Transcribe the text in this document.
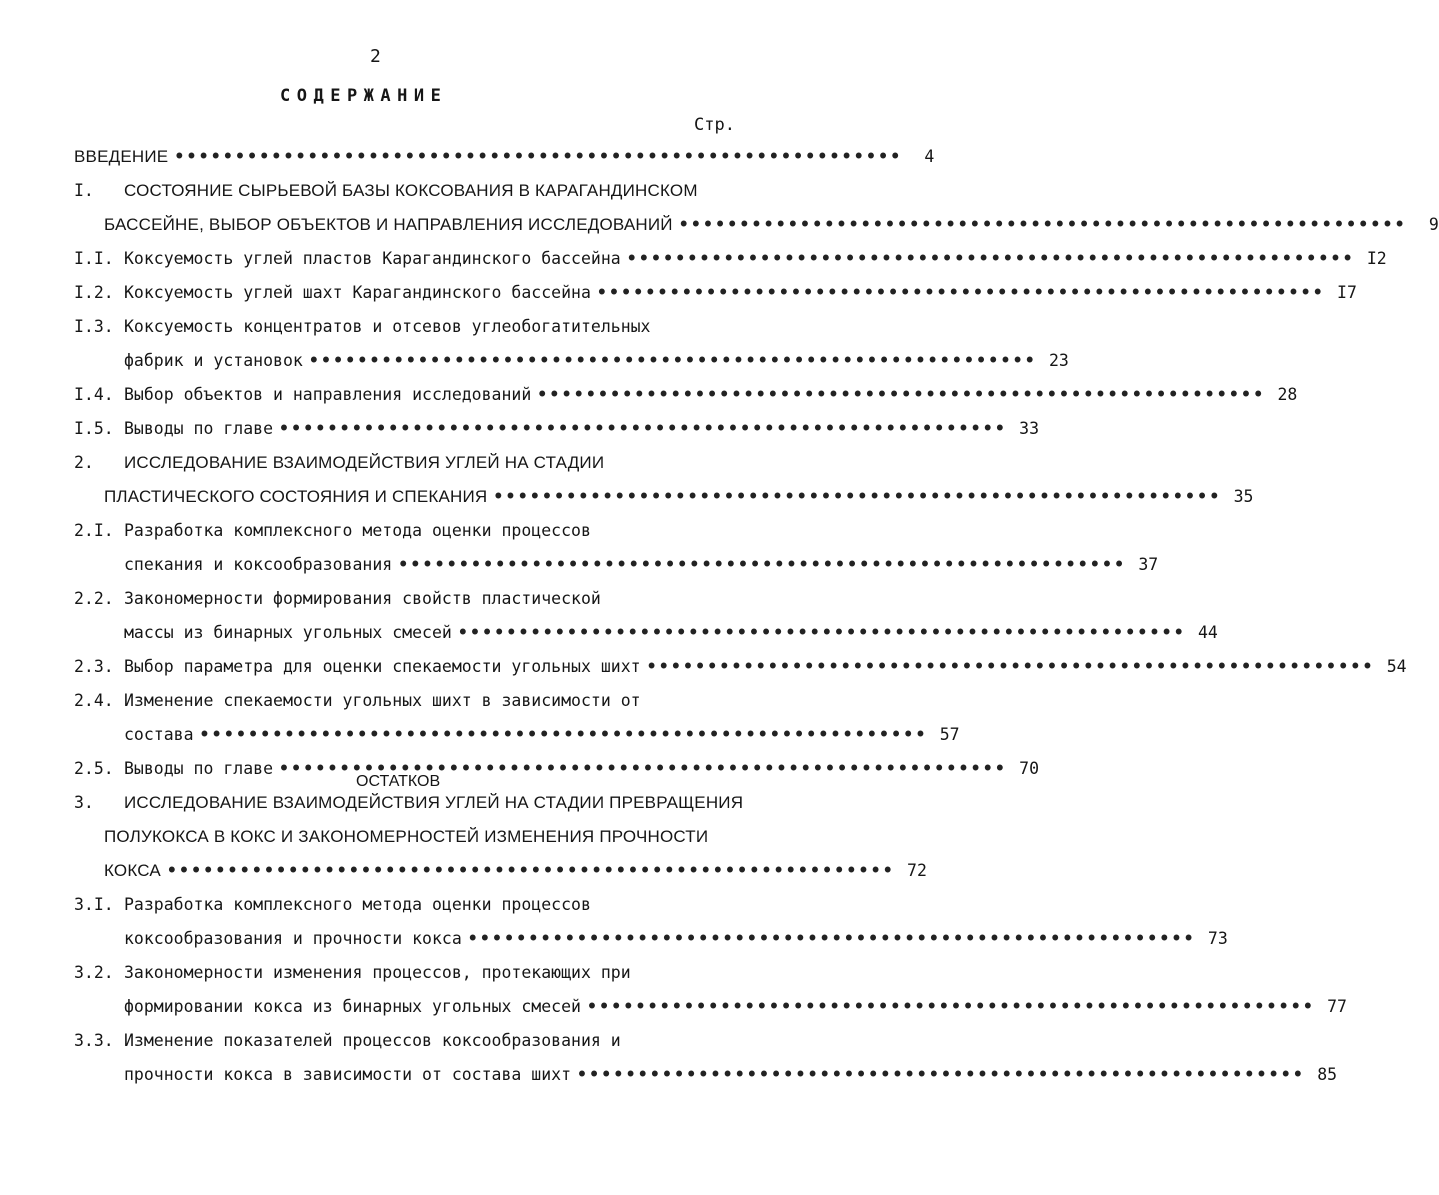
2
СОДЕРЖАНИЕ
Стр.
ОСТАТКОВ
ВВЕДЕНИЕ ••••••••••••••••••••••••••••••••••••••••••••••••••••••••••••	4
I.	СОСТОЯНИЕ СЫРЬЕВОЙ БАЗЫ КОКСОВАНИЯ В КАРАГАНДИНСКОМ
БАССЕЙНЕ, ВЫБОР ОБЪЕКТОВ И НАПРАВЛЕНИЯ ИССЛЕДОВАНИЙ ••••••••••••••••••••••••••••••••••••••••••••••••••••••••••••	9
I.I. Коксуемость углей пластов Карагандинского бассейна •••••••••••••••••••••••••••••••••••••••••••••••••••••••••••• I2
I.2. Коксуемость углей шахт Карагандинского бассейна •••••••••••••••••••••••••••••••••••••••••••••••••••••••••••• I7
I.3. Коксуемость концентратов и отсевов углеобогатительных
фабрик и установок •••••••••••••••••••••••••••••••••••••••••••••••••••••••••••• 23
I.4. Выбор объектов и направления исследований •••••••••••••••••••••••••••••••••••••••••••••••••••••••••••• 28
I.5. Выводы по главе •••••••••••••••••••••••••••••••••••••••••••••••••••••••••••• 33
2.	ИССЛЕДОВАНИЕ ВЗАИМОДЕЙСТВИЯ УГЛЕЙ НА СТАДИИ
ПЛАСТИЧЕСКОГО СОСТОЯНИЯ И СПЕКАНИЯ •••••••••••••••••••••••••••••••••••••••••••••••••••••••••••• 35
2.I. Разработка комплексного метода оценки процессов
спекания и коксообразования •••••••••••••••••••••••••••••••••••••••••••••••••••••••••••• 37
2.2. Закономерности формирования свойств пластической
массы из бинарных угольных смесей •••••••••••••••••••••••••••••••••••••••••••••••••••••••••••• 44
2.3. Выбор параметра для оценки спекаемости угольных шихт •••••••••••••••••••••••••••••••••••••••••••••••••••••••••••• 54
2.4. Изменение спекаемости угольных шихт в зависимости от
состава •••••••••••••••••••••••••••••••••••••••••••••••••••••••••••• 57
2.5. Выводы по главе •••••••••••••••••••••••••••••••••••••••••••••••••••••••••••• 70
3.	ИССЛЕДОВАНИЕ ВЗАИМОДЕЙСТВИЯ УГЛЕЙ НА СТАДИИ ПРЕВРАЩЕНИЯ
ПОЛУКОКСА В КОКС И ЗАКОНОМЕРНОСТЕЙ ИЗМЕНЕНИЯ ПРОЧНОСТИ
КОКСА •••••••••••••••••••••••••••••••••••••••••••••••••••••••••••• 72
3.I. Разработка комплексного метода оценки процессов
коксообразования и прочности кокса •••••••••••••••••••••••••••••••••••••••••••••••••••••••••••• 73
3.2. Закономерности изменения процессов, протекающих при
формировании кокса из бинарных угольных смесей •••••••••••••••••••••••••••••••••••••••••••••••••••••••••••• 77
3.3. Изменение показателей процессов коксообразования и
прочности кокса в зависимости от состава шихт •••••••••••••••••••••••••••••••••••••••••••••••••••••••••••• 85
